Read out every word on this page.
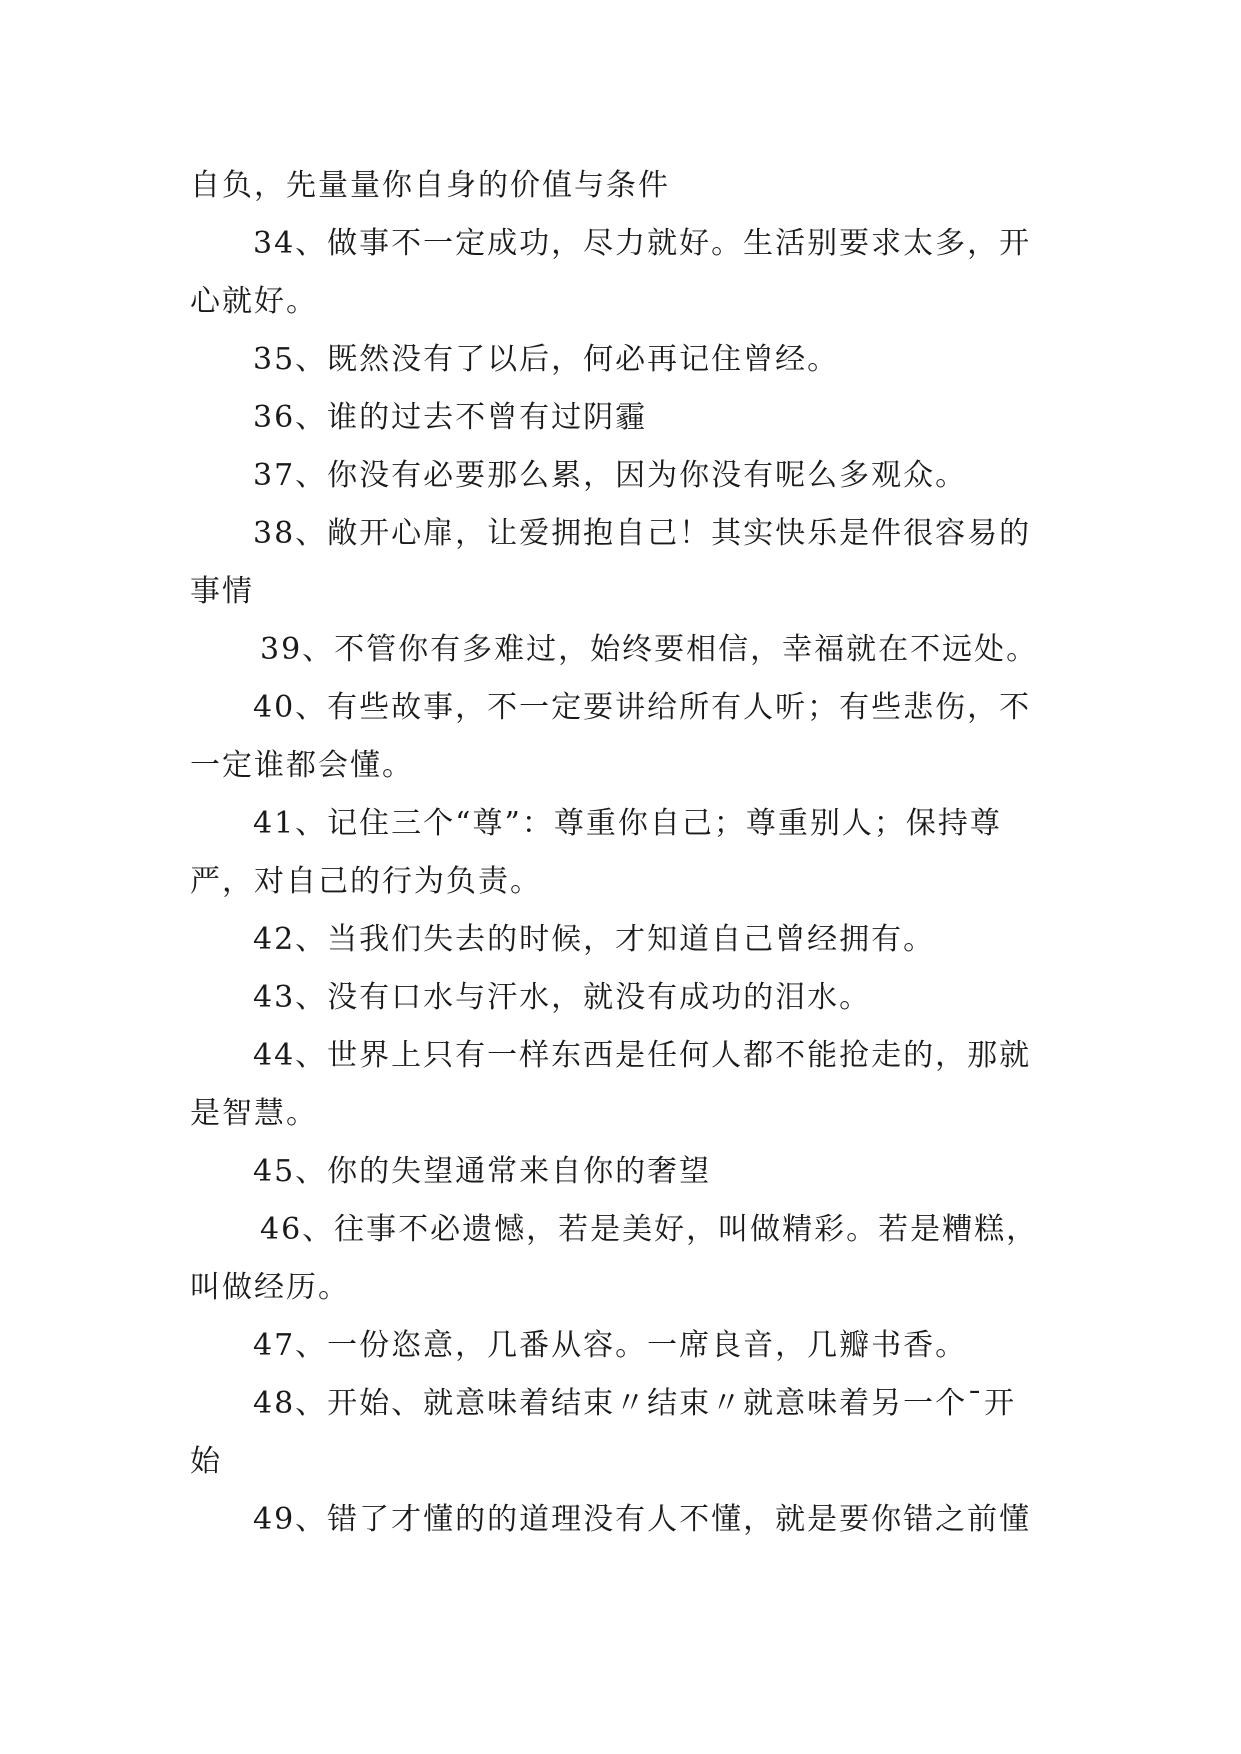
自负，先量量你自身的价值与条件
34、做事不一定成功，尽力就好。生活别要求太多，开
心就好。
35、既然没有了以后，何必再记住曾经。
36、谁的过去不曾有过阴霾
37、你没有必要那么累，因为你没有呢么多观众。
38、敞开心扉，让爱拥抱自己！其实快乐是件很容易的
事情
39、不管你有多难过，始终要相信，幸福就在不远处。
40、有些故事，不一定要讲给所有人听；有些悲伤，不
一定谁都会懂。
41、记住三个“尊”：尊重你自己；尊重别人；保持尊
严，对自己的行为负责。
42、当我们失去的时候，才知道自己曾经拥有。
43、没有口水与汗水，就没有成功的泪水。
44、世界上只有一样东西是任何人都不能抢走的，那就
是智慧。
45、你的失望通常来自你的奢望
46、往事不必遗憾，若是美好，叫做精彩。若是糟糕，
叫做经历。
47、一份恣意，几番从容。一席良音，几瓣书香。
48、开始、就意味着结束〃结束〃就意味着另一个¯开
始
49、错了才懂的的道理没有人不懂，就是要你错之前懂
